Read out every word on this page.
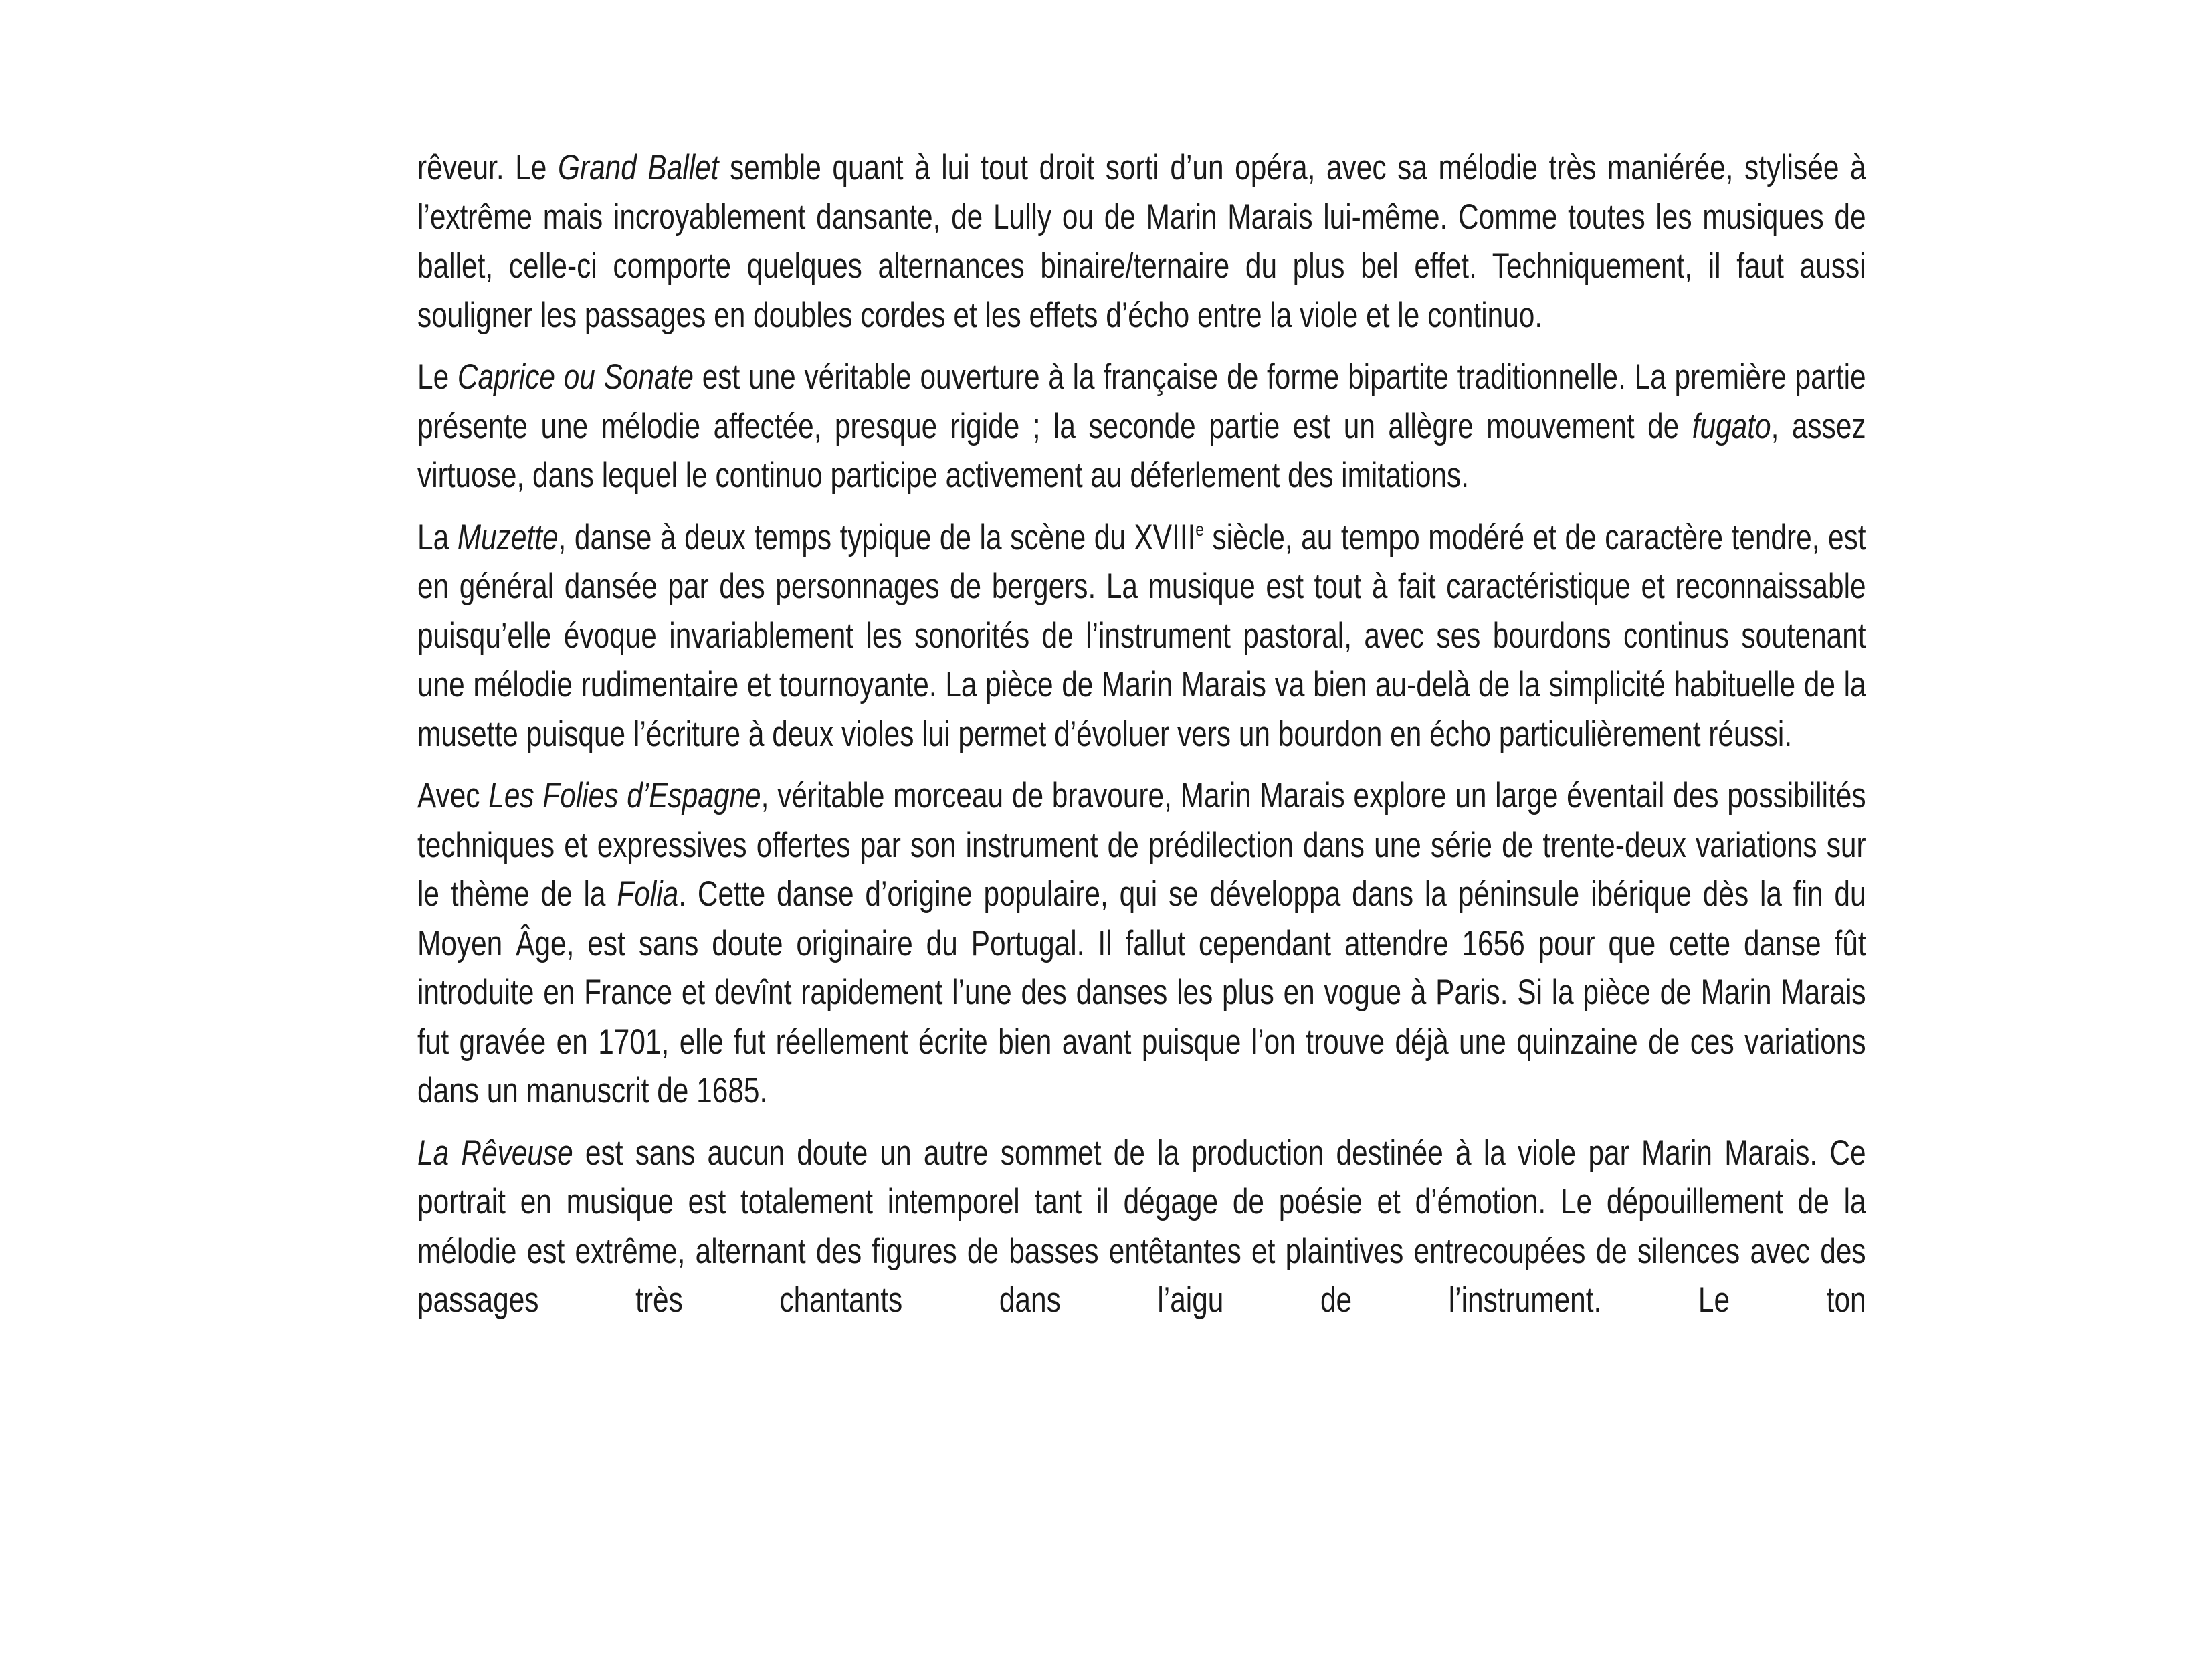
rêveur. Le Grand Ballet semble quant à lui tout droit sorti d’un opéra, avec sa mélodie très maniérée, stylisée à l’extrême mais incroyablement dansante, de Lully ou de Marin Marais lui-même. Comme toutes les musiques de ballet, celle-ci comporte quelques alternances binaire/ternaire du plus bel effet. Techniquement, il faut aussi souligner les passages en doubles cordes et les effets d’écho entre la viole et le continuo.

Le Caprice ou Sonate est une véritable ouverture à la française de forme bipartite traditionnelle. La première partie présente une mélodie affectée, presque rigide ; la seconde partie est un allègre mouvement de fugato, assez virtuose, dans lequel le continuo participe activement au déferlement des imitations.

La Muzette, danse à deux temps typique de la scène du XVIIIe siècle, au tempo modéré et de caractère tendre, est en général dansée par des personnages de bergers. La musique est tout à fait caractéristique et reconnaissable puisqu’elle évoque invariablement les sonorités de l’instrument pastoral, avec ses bourdons continus soutenant une mélodie rudimentaire et tournoyante. La pièce de Marin Marais va bien au-delà de la simplicité habituelle de la musette puisque l’écriture à deux violes lui permet d’évoluer vers un bourdon en écho particulièrement réussi.

Avec Les Folies d’Espagne, véritable morceau de bravoure, Marin Marais explore un large éventail des possibilités techniques et expressives offertes par son instrument de prédilection dans une série de trente-deux variations sur le thème de la Folia. Cette danse d’origine populaire, qui se développa dans la péninsule ibérique dès la fin du Moyen Âge, est sans doute originaire du Portugal. Il fallut cependant attendre 1656 pour que cette danse fût introduite en France et devînt rapidement l’une des danses les plus en vogue à Paris. Si la pièce de Marin Marais fut gravée en 1701, elle fut réellement écrite bien avant puisque l’on trouve déjà une quinzaine de ces variations dans un manuscrit de 1685.

La Rêveuse est sans aucun doute un autre sommet de la production destinée à la viole par Marin Marais. Ce portrait en musique est totalement intemporel tant il dégage de poésie et d’émotion. Le dépouillement de la mélodie est extrême, alternant des figures de basses entêtantes et plaintives entrecoupées de silences avec des passages très chantants dans l’aigu de l’instrument. Le ton
